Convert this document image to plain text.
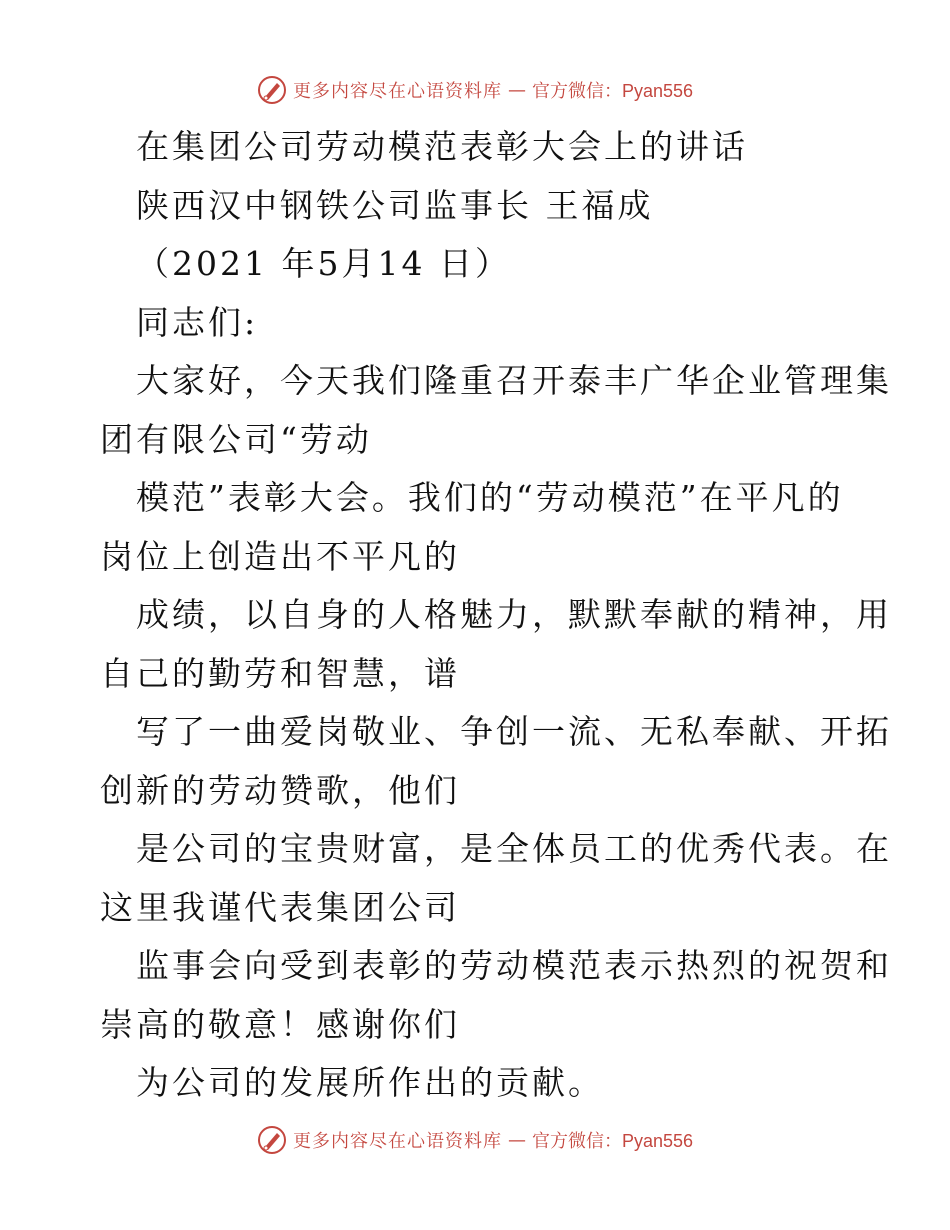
更多内容尽在心语资料库 — 官方微信：Pyan556
在集团公司劳动模范表彰大会上的讲话
陕西汉中钢铁公司监事长 王福成
（2021 年5月14 日）
同志们:
大家好，今天我们隆重召开泰丰广华企业管理集
团有限公司“劳动
模范”表彰大会。我们的“劳动模范”在平凡的
岗位上创造出不平凡的
成绩，以自身的人格魅力，默默奉献的精神，用
自己的勤劳和智慧，谱
写了一曲爱岗敬业、争创一流、无私奉献、开拓
创新的劳动赞歌，他们
是公司的宝贵财富，是全体员工的优秀代表。在
这里我谨代表集团公司
监事会向受到表彰的劳动模范表示热烈的祝贺和
崇高的敬意！感谢你们
为公司的发展所作出的贡献。
更多内容尽在心语资料库 — 官方微信：Pyan556
